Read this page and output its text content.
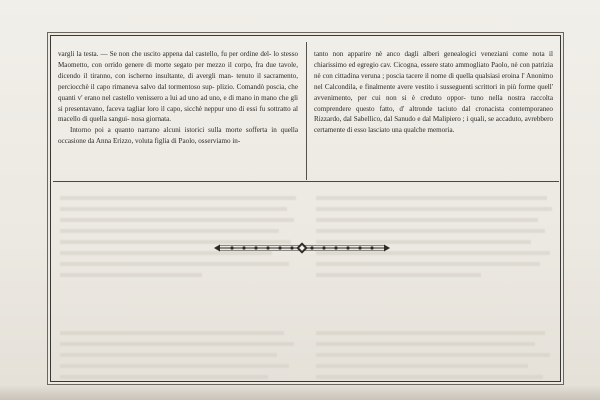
vargli la testa. — Se non che uscito appena dal castello, fu per ordine del- lo stesso Maometto, con orrido genere di morte segato per mezzo il corpo, fra due tavole, dicendo il tiranno, con ischerno insultante, di avergli man- tenuto il sacramento, perciocchè il capo rimaneva salvo dal tormentoso sup- plizio. Comandò poscia, che quanti v' erano nel castello venissero a lui ad uno ad uno, e di mano in mano che gli si presentavano, faceva tagliar loro il capo, sicchè neppur uno di essi fu sottratto al macello di quella sangui- nosa giornata.

Intorno poi a quanto narrano alcuni istorici sulla morte sofferta in quella occasione da Anna Erizzo, voluta figlia di Paolo, osserviamo in-

tanto non apparire nè anco dagli alberi genealogici veneziani come nota il chiarissimo ed egregio cav. Cicogna, essere stato ammogliato Paolo, nè con patrizia nè con cittadina veruna ; poscia tacere il nome di quella qualsiasi eroina l' Anonimo nel Calcondila, e finalmente avere vestito i susseguenti scrittori in più forme quell' avvenimento, per cui non si è creduto oppor- tuno nella nostra raccolta comprendere questo fatto, d' altronde taciuto dal cronacista contemporaneo Rizzardo, dal Sabellico, dal Sanudo e dal Malipiero ; i quali, se accaduto, avrebbero certamente di esso lasciato una qualche memoria.
